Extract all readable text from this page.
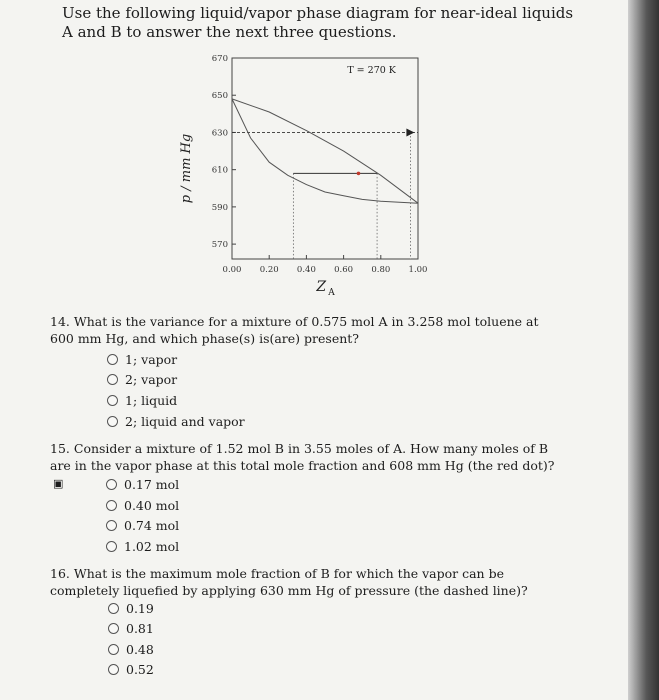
Use the following liquid/vapor phase diagram for near-ideal liquids A and B to answer the next three questions.
670
650
630
610
590
570
0.00 0.20 0.40 0.60 0.80 1.00
T = 270 K
p / mm Hg
Z A
14. What is the variance for a mixture of 0.575 mol A in 3.258 mol toluene at 600 mm Hg, and which phase(s) is(are) present?
1; vapor
2; vapor
1; liquid
2; liquid and vapor
15. Consider a mixture of 1.52 mol B in 3.55 moles of A. How many moles of B are in the vapor phase at this total mole fraction and 608 mm Hg (the red dot)?▣	0.17 mol
0.40 mol
0.74 mol
1.02 mol
16. What is the maximum mole fraction of B for which the vapor can be completely liquefied by applying 630 mm Hg of pressure (the dashed line)?
0.19
0.81
0.48
0.52
